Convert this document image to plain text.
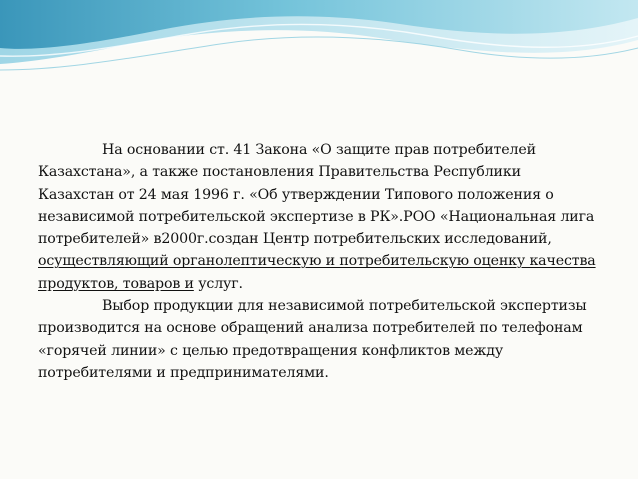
На основании ст. 41 Закона «О защите прав потребителей Казахстана», а также постановления Правительства Республики Казахстан от 24 мая 1996 г. «Об утверждении Типового положения о независимой потребительской экспертизе в РК».РОО «Национальная лига потребителей» в2000г.создан Центр потребительских исследований, осуществляющий органолептическую и потребительскую оценку качества продуктов, товаров и услуг.

Выбор продукции для независимой потребительской экспертизы производится на основе обращений анализа потребителей по телефонам «горячей линии» с целью предотвращения конфликтов между потребителями и предпринимателями.
